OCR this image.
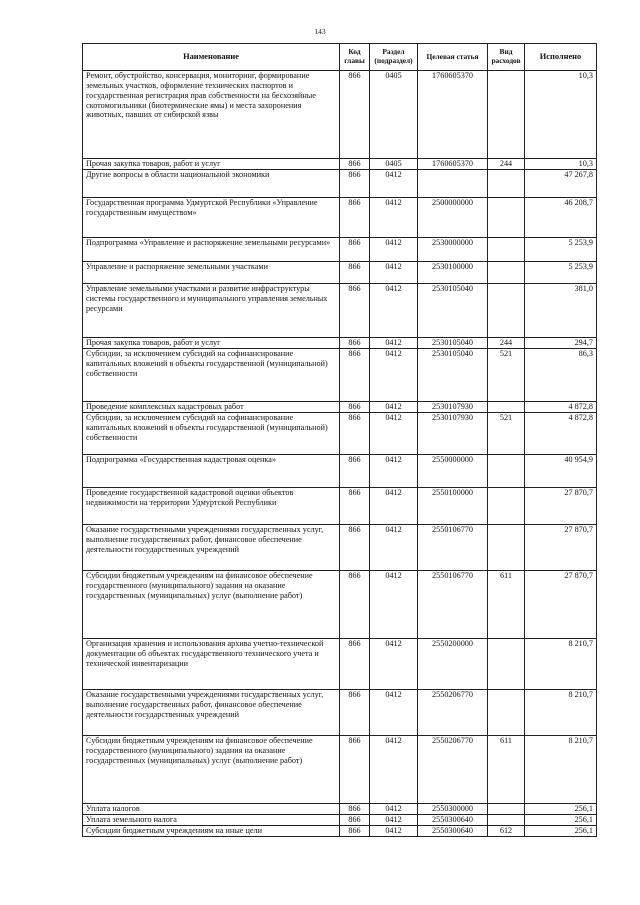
143
Наименование	Код главы	Раздел (подраздел)	Целевая статья	Вид расходов	Исполнено
Ремонт, обустройство, консервация, мониторинг, формирование земельных участков, оформление технических паспортов и государственная регистрация прав собственности на бесхозяйные скотомогильники (биотермические ямы) и места захоронения животных, павших от сибирской язвы	866	0405	1760605370		10,3
Прочая закупка товаров, работ и услуг	866	0405	1760605370	244	10,3
Другие вопросы в области национальной экономики	866	0412			47 267,8
Государственная программа Удмуртской Республики «Управление государственным имуществом»	866	0412	2500000000		46 208,7
Подпрограмма «Управление и распоряжение земельными ресурсами»	866	0412	2530000000		5 253,9
Управление и распоряжение земельными участками	866	0412	2530100000		5 253,9
Управление земельными участками и развитие инфраструктуры системы государственного и муниципального управления земельных ресурсами	866	0412	2530105040		381,0
Прочая закупка товаров, работ и услуг	866	0412	2530105040	244	294,7
Субсидии, за исключением субсидий на софинансирование капитальных вложений в объекты государственной (муниципальной) собственности	866	0412	2530105040	521	86,3
Проведение комплексных кадастровых работ	866	0412	2530107930		4 872,8
Субсидии, за исключением субсидий на софинансирование капитальных вложений в объекты государственной (муниципальной) собственности	866	0412	2530107930	521	4 872,8
Подпрограмма «Государственная кадастровая оценка»	866	0412	2550000000		40 954,9
Проведение государственной кадастровой оценки объектов недвижимости на территории Удмуртской Республики	866	0412	2550100000		27 870,7
Оказание государственными учреждениями государственных услуг, выполнение государственных работ, финансовое обеспечение деятельности государственных учреждений	866	0412	2550106770		27 870,7
Субсидии бюджетным учреждениям на финансовое обеспечение государственного (муниципального) задания на оказание государственных (муниципальных) услуг (выполнение работ)	866	0412	2550106770	611	27 870,7
Организация хранения и использования архива учетно-технической документации об объектах государственного технического учета и технической инвентаризации	866	0412	2550200000		8 210,7
Оказание государственными учреждениями государственных услуг, выполнение государственных работ, финансовое обеспечение деятельности государственных учреждений	866	0412	2550206770		8 210,7
Субсидии бюджетным учреждениям на финансовое обеспечение государственного (муниципального) задания на оказание государственных (муниципальных) услуг (выполнение работ)	866	0412	2550206770	611	8 210,7
Уплата налогов	866	0412	2550300000		256,1
Уплата земельного налога	866	0412	2550300640		256,1
Субсидии бюджетным учреждениям на иные цели	866	0412	2550300640	612	256,1
